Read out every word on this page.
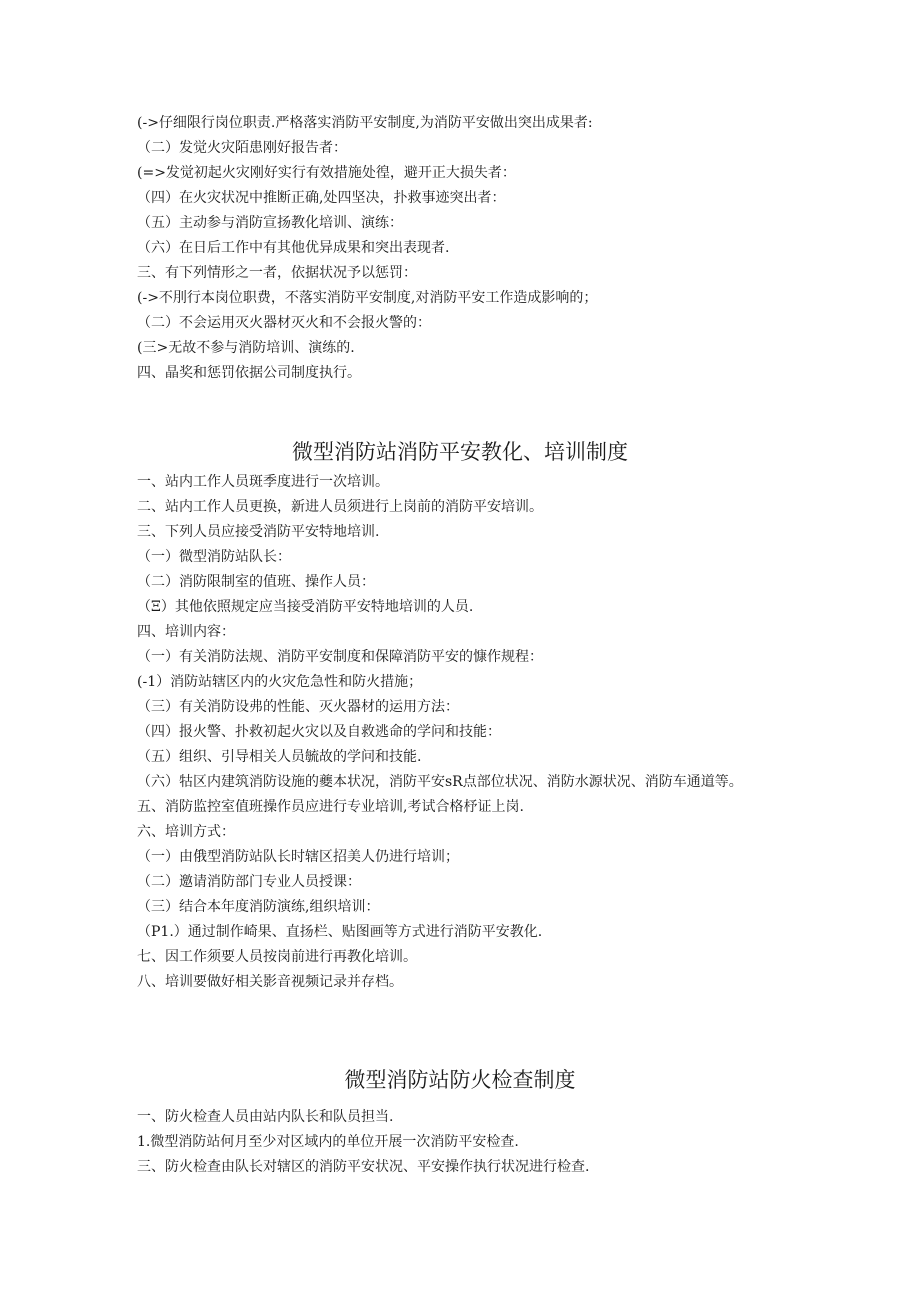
(->仔细限行岗位职责.严格落实消防平安制度,为消防平安做出突出成果者:
（二）发觉火灾陌患刚好报告者：
(=>发觉初起火灾刚好实行有效措施处徨，避开正大损失者：
（四）在火灾状况中推断正确,处四坚决，扑救事迹突出者：
（五）主动参与消防宣扬教化培训、演练：
（六）在日后工作中有其他优异成果和突出表现者.
三、有下列情形之一者，依据状况予以惩罚：
(->不刖行本岗位职费，不落实消防平安制度,对消防平安工作造成影响的；
（二）不会运用灭火器材灭火和不会报火警的：
(三>无故不参与消防培训、演练的.
四、晶奖和惩罚依据公司制度执行。
微型消防站消防平安教化、培训制度
一、站内工作人员斑季度进行一次培训。
二、站内工作人员更换，新进人员须进行上岗前的消防平安培训。
三、下列人员应接受消防平安特地培训.
（一）微型消防站队长：
（二）消防限制室的值班、操作人员：
（Ξ）其他依照规定应当接受消防平安特地培训的人员.
四、培训内容：
（一）有关消防法规、消防平安制度和保障消防平安的慷作规程：
(-1）消防站辖区内的火灾危急性和防火措施；
（三）有关消防设弗的性能、灭火器材的运用方法：
（四）报火警、扑救初起火灾以及自救逃命的学问和技能：
（五）组织、引导相关人员毓故的学问和技能.
（六）牯区内建筑消防设施的夔本状况，消防平安sR点部位状况、消防水源状况、消防车通道等。
五、消防监控室值班操作员应进行专业培训,考试合格杼证上岗.
六、培训方式：
（一）由俄型消防站队长时辖区招美人仍进行培训；
（二）邀请消防部门专业人员授课：
（三）结合本年度消防演练,组织培训：
（P1.）通过制作崎果、直扬栏、贴图画等方式进行消防平安教化.
七、因工作须要人员按岗前进行再教化培训。
八、培训要做好相关影音视频记录并存档。
微型消防站防火检查制度
一、防火检查人员由站内队长和队员担当.
1.微型消防站何月至少对区域内的单位开展一次消防平安检查.
三、防火检查由队长对辖区的消防平安状况、平安操作执行状况进行检查.
